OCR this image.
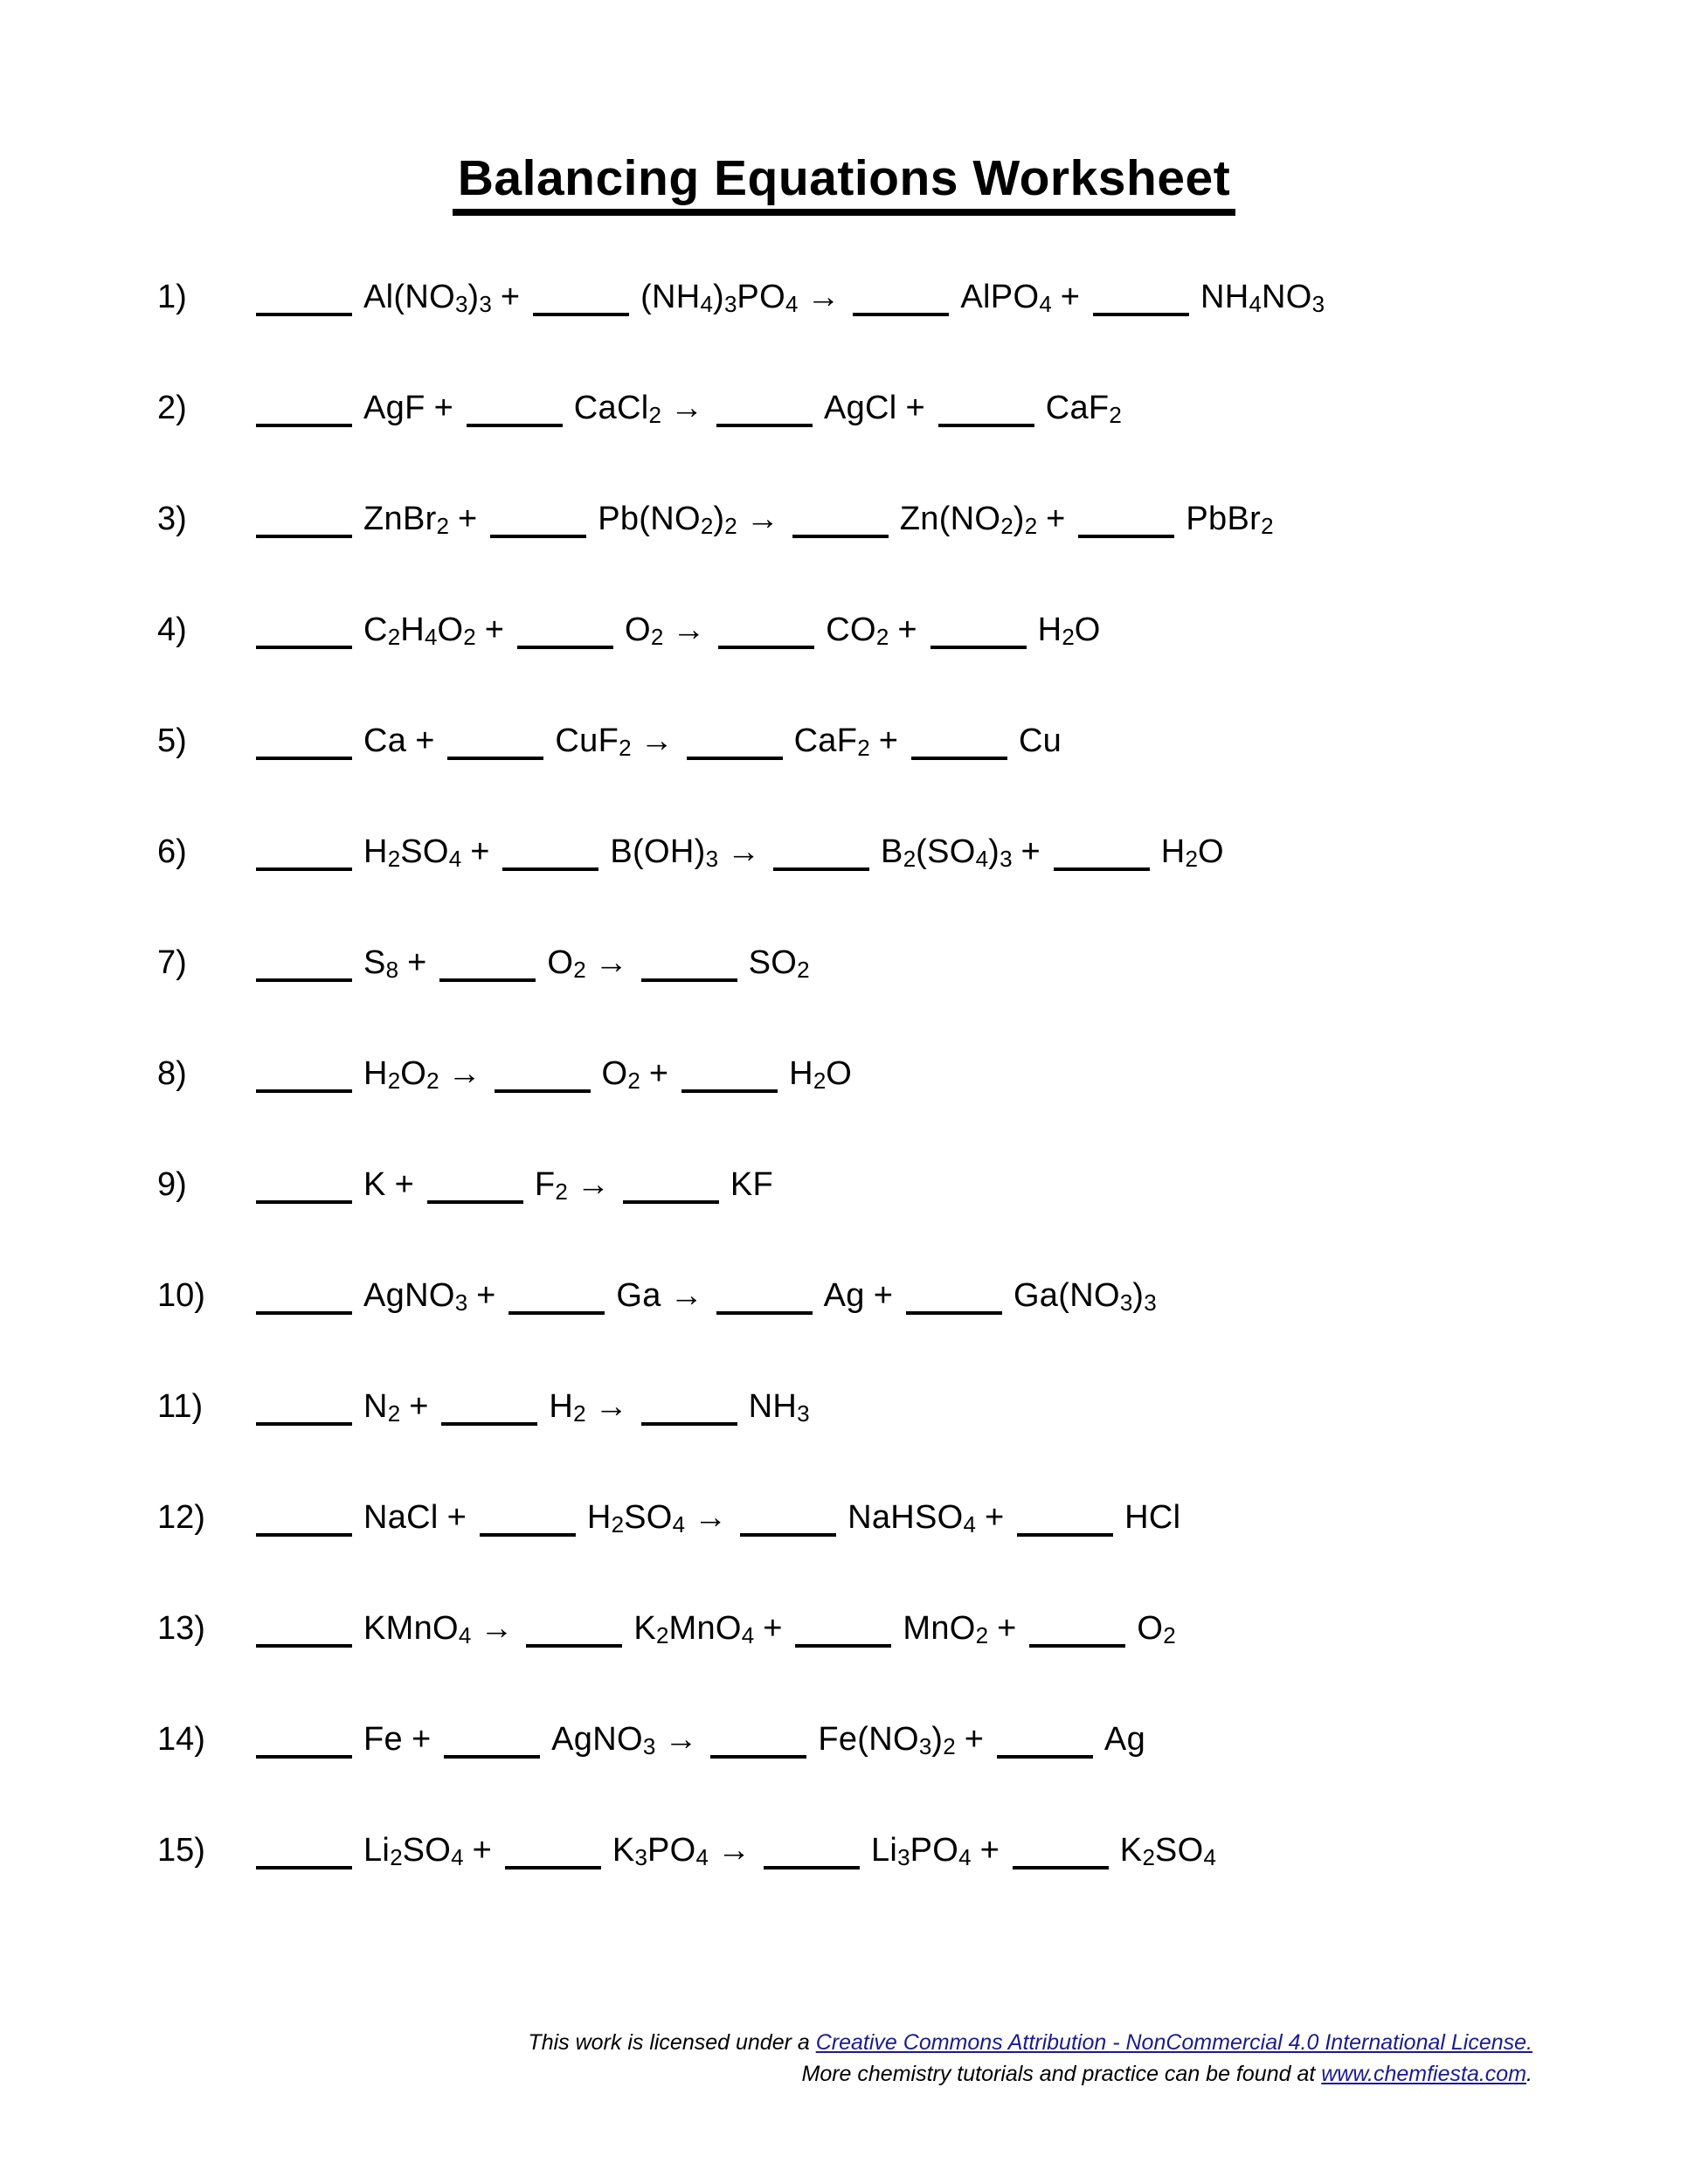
Balancing Equations Worksheet
1)	Al(NO3)3 +	(NH4)3PO4 →	AlPO4 +	NH4NO3
2)	AgF +	CaCl2 →	AgCl +	CaF2
3)	ZnBr2 +	Pb(NO2)2 →	Zn(NO2)2 +	PbBr2
4)	C2H4O2 +	O2 →	CO2 +	H2O
5)	Ca +	CuF2 →	CaF2 +	Cu
6)	H2SO4 +	B(OH)3 →	B2(SO4)3 +	H2O
7)	S8 +	O2 →	SO2
8)	H2O2 →	O2 +	H2O
9)	K +	F2 →	KF
10)	AgNO3 +	Ga →	Ag +	Ga(NO3)3
11)	N2 +	H2 →	NH3
12)	NaCl +	H2SO4 →	NaHSO4 +	HCl
13)	KMnO4 →	K2MnO4 +	MnO2 +	O2
14)	Fe +	AgNO3 →	Fe(NO3)2 +	Ag
15)	Li2SO4 +	K3PO4 →	Li3PO4 +	K2SO4
This work is licensed under a Creative Commons Attribution - NonCommercial 4.0 International License.
More chemistry tutorials and practice can be found at www.chemfiesta.com.
